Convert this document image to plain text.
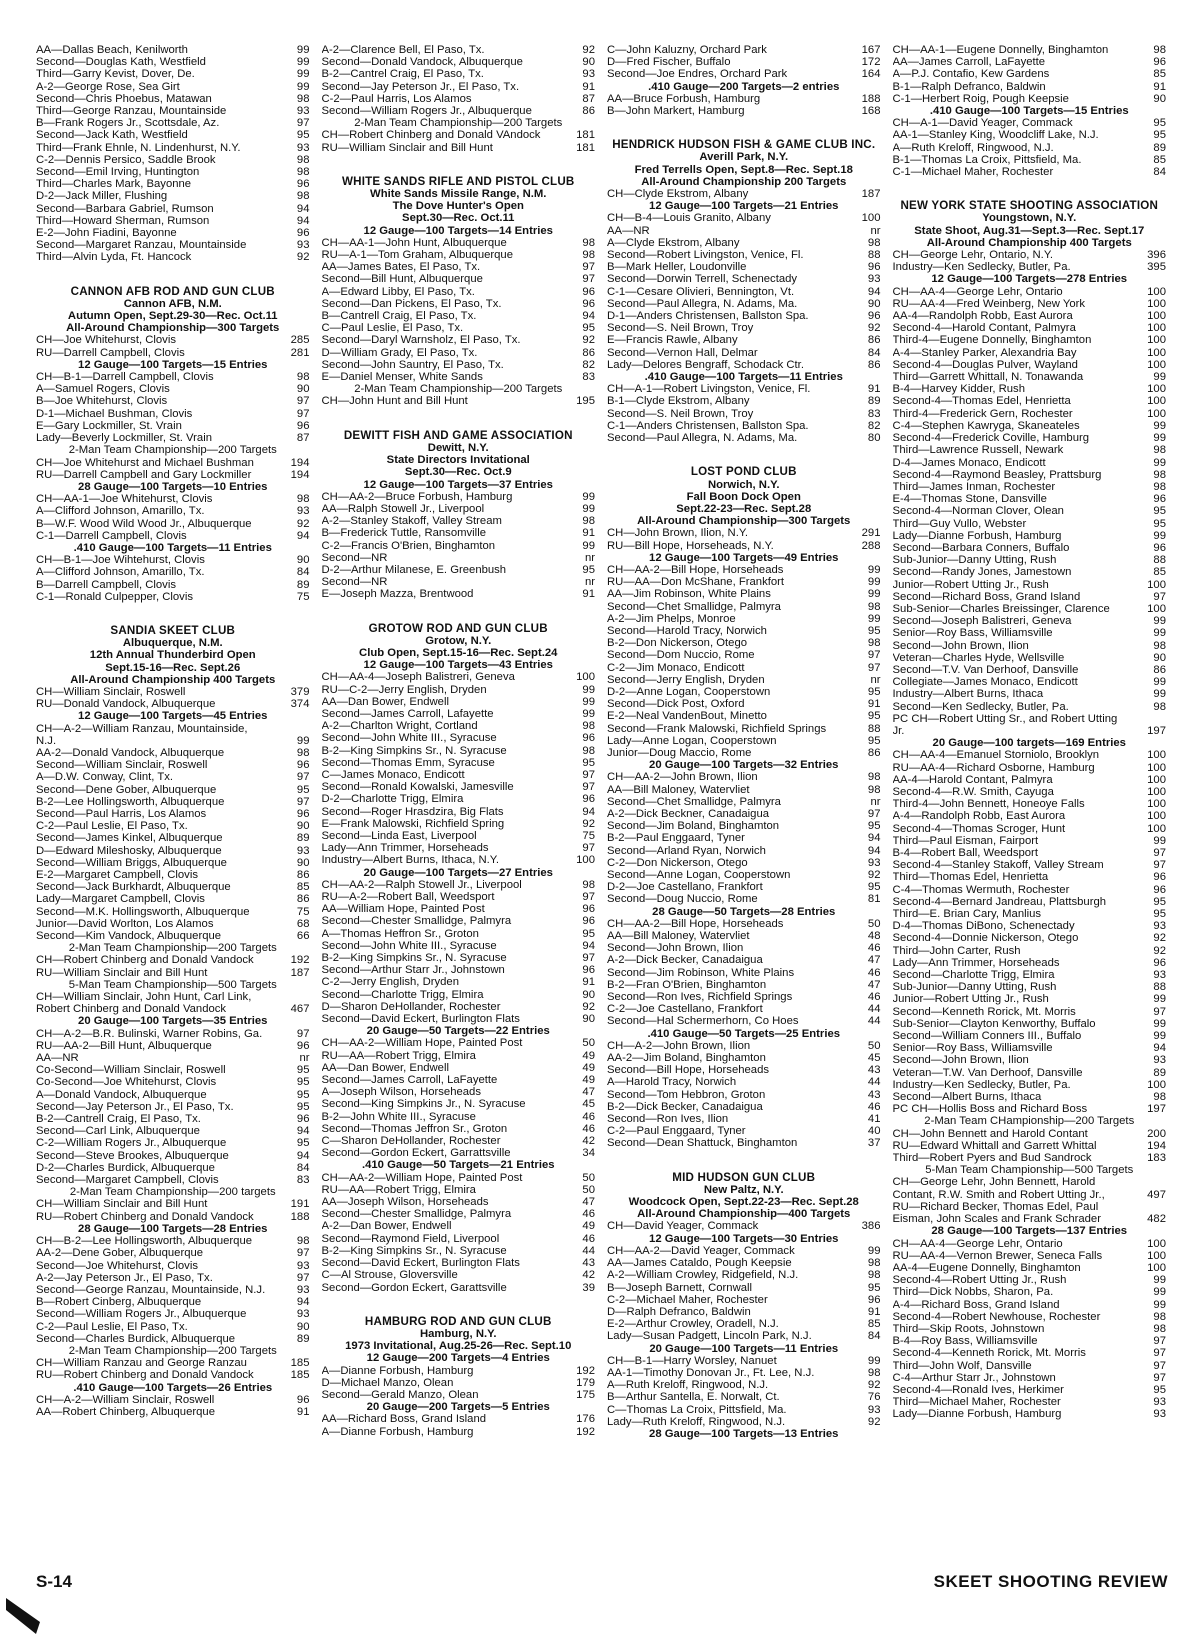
AA—Dallas Beach, Kenilworth	99
Second—Douglas Kath, Westfield	99
Third—Garry Kevist, Dover, De.	99
A-2—George Rose, Sea Girt	99
Second—Chris Phoebus, Matawan	98
Third—George Ranzau, Mountainside	93
B—Frank Rogers Jr., Scottsdale, Az.	97
Second—Jack Kath, Westfield	95
Third—Frank Ehnle, N. Lindenhurst, N.Y.	93
C-2—Dennis Persico, Saddle Brook	98
Second—Emil Irving, Huntington	98
Third—Charles Mark, Bayonne	96
D-2—Jack Miller, Flushing	98
Second—Barbara Gabriel, Rumson	94
Third—Howard Sherman, Rumson	94
E-2—John Fiadini, Bayonne	96
Second—Margaret Ranzau, Mountainside	93
Third—Alvin Lyda, Ft. Hancock	92
CANNON AFB ROD AND GUN CLUB
Cannon AFB, N.M.
Autumn Open, Sept.29-30—Rec. Oct.11
All-Around Championship—300 Targets
CH—Joe Whitehurst, Clovis	285
RU—Darrell Campbell, Clovis	281
12 Gauge—100 Targets—15 Entries
CH—B-1—Darrell Campbell, Clovis	98
A—Samuel Rogers, Clovis	90
B—Joe Whitehurst, Clovis	97
D-1—Michael Bushman, Clovis	97
E—Gary Lockmiller, St. Vrain	96
Lady—Beverly Lockmiller, St. Vrain	87
2-Man Team Championship—200 Targets
CH—Joe Whitehurst and Michael Bushman	194
RU—Darrell Campbell and Gary Lockmiller	194
28 Gauge—100 Targets—10 Entries
CH—AA-1—Joe Whitehurst, Clovis	98
A—Clifford Johnson, Amarillo, Tx.	93
B—W.F. Wood Wild Wood Jr., Albuquerque	92
C-1—Darrell Campbell, Clovis	94
.410 Gauge—100 Targets—11 Entries
CH—B-1—Joe Wihtehurst, Clovis	90
A—Clifford Johnson, Amarillo, Tx.	84
B—Darrell Campbell, Clovis	89
C-1—Ronald Culpepper, Clovis	75
SANDIA SKEET CLUB
Albuquerque, N.M.
12th Annual Thunderbird Open
Sept.15-16—Rec. Sept.26
All-Around Championship 400 Targets
CH—William Sinclair, Roswell	379
RU—Donald Vandock, Albuquerque	374
12 Gauge—100 Targets—45 Entries
CH—A-2—William Ranzau, Mountainside,
N.J.	99
AA-2—Donald Vandock, Albuquerque	98
Second—William Sinclair, Roswell	96
A—D.W. Conway, Clint, Tx.	97
Second—Dene Gober, Albuquerque	95
B-2—Lee Hollingsworth, Albuquerque	97
Second—Paul Harris, Los Alamos	96
C-2—Paul Leslie, El Paso, Tx.	90
Second—James Kinkel, Albuquerque	89
D—Edward Mileshosky, Albuquerque	93
Second—William Briggs, Albuquerque	90
E-2—Margaret Campbell, Clovis	86
Second—Jack Burkhardt, Albuquerque	85
Lady—Margaret Campbell, Clovis	86
Second—M.K. Hollingsworth, Albuquerque	75
Junior—David Worlton, Los Alamos	68
Second—Kim Vandock, Albuquerque	66
2-Man Team Championship—200 Targets
CH—Robert Chinberg and Donald Vandock	192
RU—William Sinclair and Bill Hunt	187
5-Man Team Championship—500 Targets
CH—William Sinclair, John Hunt, Carl Link,
Robert Chinberg and Donald Vandock	467
20 Gauge—100 Targets—35 Entries
CH—A-2—B.R. Bulinski, Warner Robins, Ga.	97
RU—AA-2—Bill Hunt, Albuquerque	96
AA—NR	nr
Co-Second—William Sinclair, Roswell	95
Co-Second—Joe Whitehurst, Clovis	95
A—Donald Vandock, Albuquerque	95
Second—Jay Peterson Jr., El Paso, Tx.	95
B-2—Cantrell Craig, El Paso, Tx.	96
Second—Carl Link, Albuquerque	94
C-2—William Rogers Jr., Albuquerque	95
Second—Steve Brookes, Albuquerque	94
D-2—Charles Burdick, Albuquerque	84
Second—Margaret Campbell, Clovis	83
2-Man Team Championship—200 targets
CH—William Sinclair and Bill Hunt	191
RU—Robert Chinberg and Donald Vandock	188
28 Gauge—100 Targets—28 Entries
CH—B-2—Lee Hollingsworth, Albuquerque	98
AA-2—Dene Gober, Albuquerque	97
Second—Joe Whitehurst, Clovis	93
A-2—Jay Peterson Jr., El Paso, Tx.	97
Second—George Ranzau, Mountainside, N.J.	93
B—Robert Cinberg, Albuquerque	94
Second—William Rogers Jr., Albuquerque	93
C-2—Paul Leslie, El Paso, Tx.	90
Second—Charles Burdick, Albuquerque	89
2-Man Team Championship—200 Targets
CH—William Ranzau and George Ranzau	185
RU—Robert Chinberg and Donald Vandock	185
.410 Gauge—100 Targets—26 Entries
CH—A-2—William Sinclair, Roswell	96
AA—Robert Chinberg, Albuquerque	91
A-2—Clarence Bell, El Paso, Tx.	92
Second—Donald Vandock, Albuquerque	90
B-2—Cantrel Craig, El Paso, Tx.	93
Second—Jay Peterson Jr., El Paso, Tx.	91
C-2—Paul Harris, Los Alamos	87
Second—William Rogers Jr., Albuquerque	86
2-Man Team Championship—200 Targets
CH—Robert Chinberg and Donald VAndock	181
RU—William Sinclair and Bill Hunt	181
WHITE SANDS RIFLE AND PISTOL CLUB
White Sands Missile Range, N.M.
The Dove Hunter's Open
Sept.30—Rec. Oct.11
12 Gauge—100 Targets—14 Entries
CH—AA-1—John Hunt, Albuquerque	98
RU—A-1—Tom Graham, Albuquerque	98
AA—James Bates, El Paso, Tx.	97
Second—Bill Hunt, Albuquerque	97
A—Edward Libby, El Paso, Tx.	96
Second—Dan Pickens, El Paso, Tx.	96
B—Cantrell Craig, El Paso, Tx.	94
C—Paul Leslie, El Paso, Tx.	95
Second—Daryl Warnsholz, El Paso, Tx.	92
D—William Grady, El Paso, Tx.	86
Second—John Sauntry, El Paso, Tx.	82
E—Daniel Menser, White Sands	83
2-Man Team Championship—200 Targets
CH—John Hunt and Bill Hunt	195
DEWITT FISH AND GAME ASSOCIATION
Dewitt, N.Y.
State Directors Invitational
Sept.30—Rec. Oct.9
12 Gauge—100 Targets—37 Entries
CH—AA-2—Bruce Forbush, Hamburg	99
AA—Ralph Stowell Jr., Liverpool	99
A-2—Stanley Stakoff, Valley Stream	98
B—Frederick Tuttle, Ransomville	91
C-2—Francis O'Brien, Binghamton	99
Second—NR	nr
D-2—Arthur Milanese, E. Greenbush	95
Second—NR	nr
E—Joseph Mazza, Brentwood	91
GROTOW ROD AND GUN CLUB
Grotow, N.Y.
Club Open, Sept.15-16—Rec. Sept.24
12 Gauge—100 Targets—43 Entries
CH—AA-4—Joseph Balistreri, Geneva	100
RU—C-2—Jerry English, Dryden	99
AA—Dan Bower, Endwell	99
Second—James Carroll, Lafayette	99
A-2—Charlton Wright, Cortland	98
Second—John White III., Syracuse	96
B-2—King Simpkins Sr., N. Syracuse	98
Second—Thomas Emm, Syracuse	95
C—James Monaco, Endicott	97
Second—Ronald Kowalski, Jamesville	97
D-2—Charlotte Trigg, Elmira	96
Second—Roger Hrasdzira, Big Flats	94
E—Frank Malowski, Richfield Spring	92
Second—Linda East, Liverpool	75
Lady—Ann Trimmer, Horseheads	97
Industry—Albert Burns, Ithaca, N.Y.	100
20 Gauge—100 Targets—27 Entries
CH—AA-2—Ralph Stowell Jr., Liverpool	98
RU—A-2—Robert Ball, Weedsport	97
AA—William Hope, Painted Post	96
Second—Chester Smallidge, Palmyra	96
A—Thomas Heffron Sr., Groton	95
Second—John White III., Syracuse	94
B-2—King Simpkins Sr., N. Syracuse	97
Second—Arthur Starr Jr., Johnstown	96
C-2—Jerry English, Dryden	91
Second—Charlotte Trigg, Elmira	90
D—Sharon DeHollander, Rochester	92
Second—David Eckert, Burlington Flats	90
20 Gauge—50 Targets—22 Entries
CH—AA-2—William Hope, Painted Post	50
RU—AA—Robert Trigg, Elmira	49
AA—Dan Bower, Endwell	49
Second—James Carroll, LaFayette	49
A—Joseph Wilson, Horseheads	47
Second—King Simpkins Jr., N. Syracuse	45
B-2—John White III., Syracuse	46
Second—Thomas Jeffron Sr., Groton	46
C—Sharon DeHollander, Rochester	42
Second—Gordon Eckert, Garrattsville	34
.410 Gauge—50 Targets—21 Entries
CH—AA-2—William Hope, Painted Post	50
RU—AA—Robert Trigg, Elmira	50
AA—Joseph Wilson, Horseheads	47
Second—Chester Smallidge, Palmyra	46
A-2—Dan Bower, Endwell	49
Second—Raymond Field, Liverpool	46
B-2—King Simpkins Sr., N. Syracuse	44
Second—David Eckert, Burlington Flats	43
C—Al Strouse, Gloversville	42
Second—Gordon Eckert, Garattsville	39
HAMBURG ROD AND GUN CLUB
Hamburg, N.Y.
1973 Invitational, Aug.25-26—Rec. Sept.10
12 Gauge—200 Targets—4 Entries
A—Dianne Forbush, Hamburg	192
D—Michael Manzo, Olean	179
Second—Gerald Manzo, Olean	175
20 Gauge—200 Targets—5 Entries
AA—Richard Boss, Grand Island	176
A—Dianne Forbush, Hamburg	192
C—John Kaluzny, Orchard Park	167
D—Fred Fischer, Buffalo	172
Second—Joe Endres, Orchard Park	164
.410 Gauge—200 Targets—2 entries
AA—Bruce Forbush, Hamburg	188
B—John Markert, Hamburg	168
HENDRICK HUDSON FISH & GAME CLUB INC.
Averill Park, N.Y.
Fred Terrells Open, Sept.8—Rec. Sept.18
All-Around Championship 200 Targets
CH—Clyde Ekstrom, Albany	187
12 Gauge—100 Targets—21 Entries
CH—B-4—Louis Granito, Albany	100
AA—NR	nr
A—Clyde Ekstrom, Albany	98
Second—Robert Livingston, Venice, Fl.	88
B—Mark Heller, Loudonville	96
Second—Dorwin Terrell, Schenectady	93
C-1—Cesare Olivieri, Bennington, Vt.	94
Second—Paul Allegra, N. Adams, Ma.	90
D-1—Anders Christensen, Ballston Spa.	96
Second—S. Neil Brown, Troy	92
E—Francis Rawle, Albany	86
Second—Vernon Hall, Delmar	84
Lady—Delores Bengraff, Schodack Ctr.	86
.410 Gauge—100 Targets—11 Entries
CH—A-1—Robert Livingston, Venice, Fl.	91
B-1—Clyde Ekstrom, Albany	89
Second—S. Neil Brown, Troy	83
C-1—Anders Christensen, Ballston Spa.	82
Second—Paul Allegra, N. Adams, Ma.	80
LOST POND CLUB
Norwich, N.Y.
Fall Boon Dock Open
Sept.22-23—Rec. Sept.28
All-Around Championship—300 Targets
CH—John Brown, Ilion, N.Y.	291
RU—Bill Hope, Horseheads, N.Y.	288
12 Gauge—100 Targets—49 Entries
CH—AA-2—Bill Hope, Horseheads	99
RU—AA—Don McShane, Frankfort	99
AA—Jim Robinson, White Plains	99
Second—Chet Smallidge, Palmyra	98
A-2—Jim Phelps, Monroe	99
Second—Harold Tracy, Norwich	95
B-2—Don Nickerson, Otego	98
Second—Dom Nuccio, Rome	97
C-2—Jim Monaco, Endicott	97
Second—Jerry English, Dryden	nr
D-2—Anne Logan, Cooperstown	95
Second—Dick Post, Oxford	91
E-2—Neal VandenBout, Minetto	95
Second—Frank Malowski, Richfield Springs	88
Lady—Anne Logan, Cooperstown	95
Junior—Doug Maccio, Rome	86
20 Gauge—100 Targets—32 Entries
CH—AA-2—John Brown, Ilion	98
AA—Bill Maloney, Watervliet	98
Second—Chet Smallidge, Palmyra	nr
A-2—Dick Beckner, Canadaigua	97
Second—Jim Boland, Binghamton	95
B-2—Paul Enggaard, Tyner	94
Second—Arland Ryan, Norwich	94
C-2—Don Nickerson, Otego	93
Second—Anne Logan, Cooperstown	92
D-2—Joe Castellano, Frankfort	95
Second—Doug Nuccio, Rome	81
28 Gauge—50 Targets—28 Entries
CH—AA-2—Bill Hope, Horseheads	50
AA—Bill Maloney, Watervliet	48
Second—John Brown, Ilion	46
A-2—Dick Becker, Canadaigua	47
Second—Jim Robinson, White Plains	46
B-2—Fran O'Brien, Binghamton	47
Second—Ron Ives, Richfield Springs	46
C-2—Joe Castellano, Frankfort	44
Second—Hal Schermerhorn, Co Hoes	44
.410 Gauge—50 Targets—25 Entries
CH—A-2—John Brown, Ilion	50
AA-2—Jim Boland, Binghamton	45
Second—Bill Hope, Horseheads	43
A—Harold Tracy, Norwich	44
Second—Tom Hebbron, Groton	43
B-2—Dick Becker, Canadaigua	46
Second—Ron Ives, Ilion	41
C-2—Paul Enggaard, Tyner	40
Second—Dean Shattuck, Binghamton	37
MID HUDSON GUN CLUB
New Paltz, N.Y.
Woodcock Open, Sept.22-23—Rec. Sept.28
All-Around Championship—400 Targets
CH—David Yeager, Commack	386
12 Gauge—100 Targets—30 Entries
CH—AA-2—David Yeager, Commack	99
AA—James Cataldo, Pough Keepsie	98
A-2—William Crowley, Ridgefield, N.J.	98
B—Joseph Barnett, Cornwall	95
C-2—Michael Maher, Rochester	96
D—Ralph Defranco, Baldwin	91
E-2—Arthur Crowley, Oradell, N.J.	85
Lady—Susan Padgett, Lincoln Park, N.J.	84
20 Gauge—100 Targets—11 Entries
CH—B-1—Harry Worsley, Nanuet	99
AA-1—Timothy Donovan Jr., Ft. Lee, N.J.	98
A—Ruth Kreloff, Ringwood, N.J.	92
B—Arthur Santella, E. Norwalt, Ct.	76
C—Thomas La Croix, Pittsfield, Ma.	93
Lady—Ruth Kreloff, Ringwood, N.J.	92
28 Gauge—100 Targets—13 Entries
CH—AA-1—Eugene Donnelly, Binghamton	98
AA—James Carroll, LaFayette	96
A—P.J. Contafio, Kew Gardens	85
B-1—Ralph Defranco, Baldwin	91
C-1—Herbert Roig, Pough Keepsie	90
.410 Gauge—100 Targets—15 Entries
CH—A-1—David Yeager, Commack	95
AA-1—Stanley King, Woodcliff Lake, N.J.	95
A—Ruth Kreloff, Ringwood, N.J.	89
B-1—Thomas La Croix, Pittsfield, Ma.	85
C-1—Michael Maher, Rochester	84
NEW YORK STATE SHOOTING ASSOCIATION
Youngstown, N.Y.
State Shoot, Aug.31—Sept.3—Rec. Sept.17
All-Around Championship 400 Targets
CH—George Lehr, Ontario, N.Y.	396
Industry—Ken Sedlecky, Butler, Pa.	395
12 Gauge—100 Targets—278 Entries
CH—AA-4—George Lehr, Ontario	100
RU—AA-4—Fred Weinberg, New York	100
AA-4—Randolph Robb, East Aurora	100
Second-4—Harold Contant, Palmyra	100
Third-4—Eugene Donnelly, Binghamton	100
A-4—Stanley Parker, Alexandria Bay	100
Second-4—Douglas Pulver, Wayland	100
Third—Garrett Whittall, N. Tonawanda	99
B-4—Harvey Kidder, Rush	100
Second-4—Thomas Edel, Henrietta	100
Third-4—Frederick Gern, Rochester	100
C-4—Stephen Kawryga, Skaneateles	99
Second-4—Frederick Coville, Hamburg	99
Third—Lawrence Russell, Newark	98
D-4—James Monaco, Endicott	99
Second-4—Raymond Beasley, Prattsburg	98
Third—James Inman, Rochester	98
E-4—Thomas Stone, Dansville	96
Second-4—Norman Clover, Olean	95
Third—Guy Vullo, Webster	95
Lady—Dianne Forbush, Hamburg	99
Second—Barbara Conners, Buffalo	96
Sub-Junior—Danny Utting, Rush	88
Second—Randy Jones, Jamestown	85
Junior—Robert Utting Jr., Rush	100
Second—Richard Boss, Grand Island	97
Sub-Senior—Charles Breissinger, Clarence	100
Second—Joseph Balistreri, Geneva	99
Senior—Roy Bass, Williamsville	99
Second—John Brown, Ilion	98
Veteran—Charles Hyde, Wellsville	90
Second—T.V. Van Derhoof, Dansville	86
Collegiate—James Monaco, Endicott	99
Industry—Albert Burns, Ithaca	99
Second—Ken Sedlecky, Butler, Pa.	98
PC CH—Robert Utting Sr., and Robert Utting
Jr.	197
20 Gauge—100 targets—169 Entries
CH—AA-4—Emanuel Storniolo, Brooklyn	100
RU—AA-4—Richard Osborne, Hamburg	100
AA-4—Harold Contant, Palmyra	100
Second-4—R.W. Smith, Cayuga	100
Third-4—John Bennett, Honeoye Falls	100
A-4—Randolph Robb, East Aurora	100
Second-4—Thomas Scroger, Hunt	100
Third—Paul Eisman, Fairport	99
B-4—Robert Ball, Weedsport	97
Second-4—Stanley Stakoff, Valley Stream	97
Third—Thomas Edel, Henrietta	96
C-4—Thomas Wermuth, Rochester	96
Second-4—Bernard Jandreau, Plattsburgh	95
Third—E. Brian Cary, Manlius	95
D-4—Thomas DiBono, Schenectady	93
Second-4—Donnie Nickerson, Otego	92
Third—John Carter, Rush	92
Lady—Ann Trimmer, Horseheads	96
Second—Charlotte Trigg, Elmira	93
Sub-Junior—Danny Utting, Rush	88
Junior—Robert Utting Jr., Rush	99
Second—Kenneth Rorick, Mt. Morris	97
Sub-Senior—Clayton Kenworthy, Buffalo	99
Second—William Conners III., Buffalo	99
Senior—Roy Bass, Williamsville	94
Second—John Brown, Ilion	93
Veteran—T.W. Van Derhoof, Dansville	89
Industry—Ken Sedlecky, Butler, Pa.	100
Second—Albert Burns, Ithaca	98
PC CH—Hollis Boss and Richard Boss	197
2-Man Team CHampionship—200 Targets
CH—John Bennett and Harold Contant	200
RU—Edward Whittall and Garrett Whittal	194
Third—Robert Pyers and Bud Sandrock	183
5-Man Team Championship—500 Targets
CH—George Lehr, John Bennett, Harold
Contant, R.W. Smith and Robert Utting Jr.,	497
RU—Richard Becker, Thomas Edel, Paul
Eisman, John Scales and Frank Schrader	482
28 Gauge—100 Targets—137 Entries
CH—AA-4—George Lehr, Ontario	100
RU—AA-4—Vernon Brewer, Seneca Falls	100
AA-4—Eugene Donnelly, Binghamton	100
Second-4—Robert Utting Jr., Rush	99
Third—Dick Nobbs, Sharon, Pa.	99
A-4—Richard Boss, Grand Island	99
Second-4—Robert Newhouse, Rochester	98
Third—Skip Roots, Johnstown	98
B-4—Roy Bass, Williamsville	97
Second-4—Kenneth Rorick, Mt. Morris	97
Third—John Wolf, Dansville	97
C-4—Arthur Starr Jr., Johnstown	97
Second-4—Ronald Ives, Herkimer	95
Third—Michael Maher, Rochester	93
Lady—Dianne Forbush, Hamburg	93
S-14	SKEET SHOOTING REVIEW
